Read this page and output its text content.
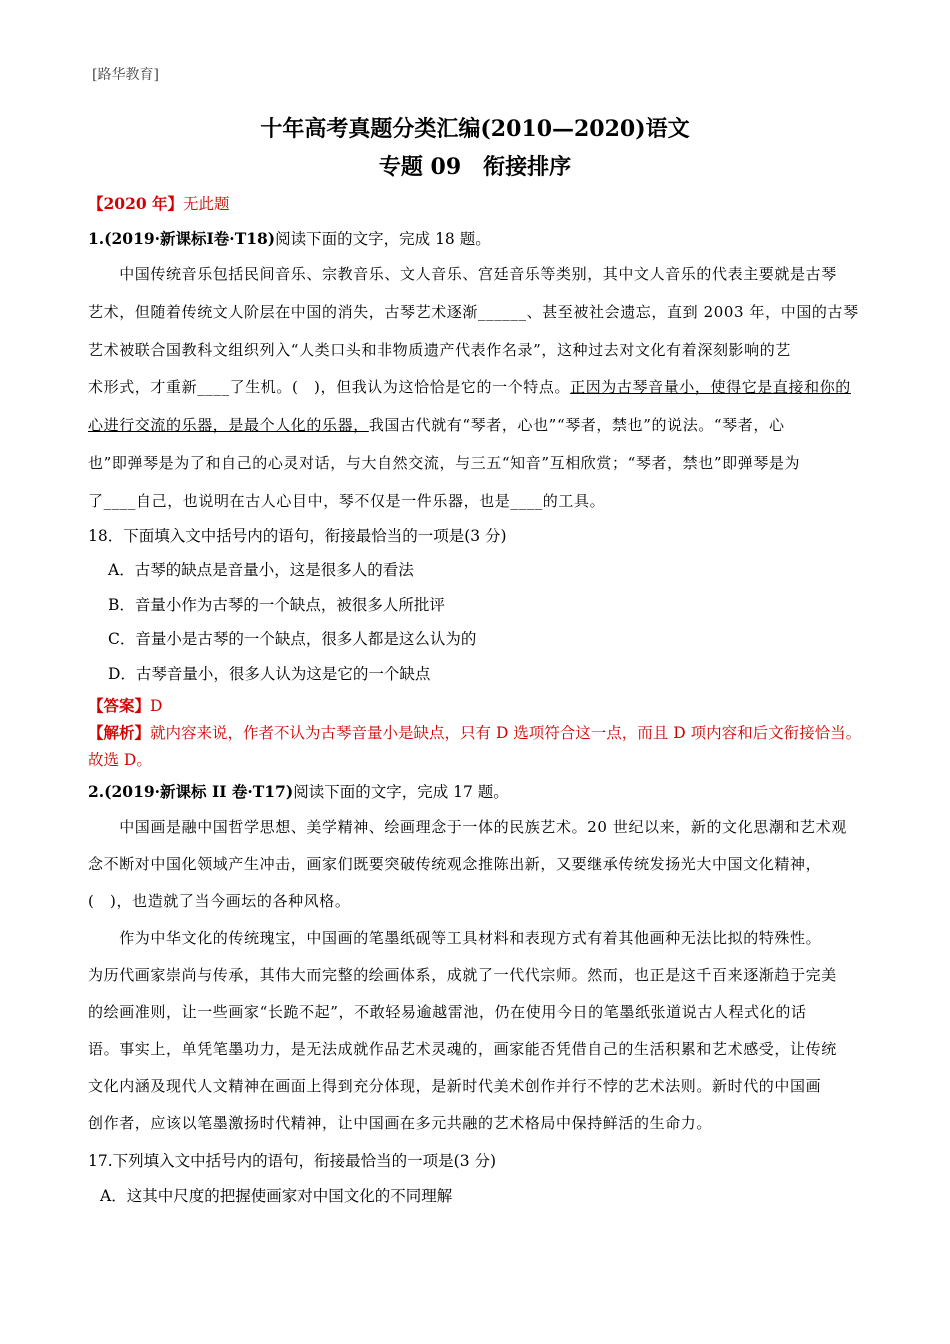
[路华教育]
十年高考真题分类汇编(2010—2020)语文
专题 09　衔接排序
【2020 年】无此题
1.(2019·新课标Ⅰ卷·T18)阅读下面的文字，完成 18 题。
　　中国传统音乐包括民间音乐、宗教音乐、文人音乐、宫廷音乐等类别，其中文人音乐的代表主要就是古琴
艺术，但随着传统文人阶层在中国的消失，古琴艺术逐渐______、甚至被社会遗忘，直到 2003 年，中国的古琴
艺术被联合国教科文组织列入“人类口头和非物质遗产代表作名录”，这种过去对文化有着深刻影响的艺
术形式，才重新____了生机。(　)，但我认为这恰恰是它的一个特点。正因为古琴音量小，使得它是直接和你的
心进行交流的乐器，是最个人化的乐器，我国古代就有“琴者，心也”“琴者，禁也”的说法。“琴者，心
也”即弹琴是为了和自己的心灵对话，与大自然交流，与三五“知音”互相欣赏；“琴者，禁也”即弹琴是为
了____自己，也说明在古人心目中，琴不仅是一件乐器，也是____的工具。
18．下面填入文中括号内的语句，衔接最恰当的一项是(3 分)
A．古琴的缺点是音量小，这是很多人的看法
B．音量小作为古琴的一个缺点，被很多人所批评
C．音量小是古琴的一个缺点，很多人都是这么认为的
D．古琴音量小，很多人认为这是它的一个缺点
【答案】D
【解析】就内容来说，作者不认为古琴音量小是缺点，只有 D 选项符合这一点，而且 D 项内容和后文衔接恰当。
故选 D。
2.(2019·新课标 II 卷·T17)阅读下面的文字，完成 17 题。
　　中国画是融中国哲学思想、美学精神、绘画理念于一体的民族艺术。20 世纪以来，新的文化思潮和艺术观
念不断对中国化领域产生冲击，画家们既要突破传统观念推陈出新，又要继承传统发扬光大中国文化精神，
(　)，也造就了当今画坛的各种风格。
　　作为中华文化的传统瑰宝，中国画的笔墨纸砚等工具材料和表现方式有着其他画种无法比拟的特殊性。
为历代画家崇尚与传承，其伟大而完整的绘画体系，成就了一代代宗师。然而，也正是这千百来逐渐趋于完美
的绘画准则，让一些画家“长跪不起”，不敢轻易逾越雷池，仍在使用今日的笔墨纸张道说古人程式化的话
语。事实上，单凭笔墨功力，是无法成就作品艺术灵魂的，画家能否凭借自己的生活积累和艺术感受，让传统
文化内涵及现代人文精神在画面上得到充分体现，是新时代美术创作并行不悖的艺术法则。新时代的中国画
创作者，应该以笔墨激扬时代精神，让中国画在多元共融的艺术格局中保持鲜活的生命力。
17.下列填入文中括号内的语句，衔接最恰当的一项是(3 分)
A．这其中尺度的把握使画家对中国文化的不同理解
